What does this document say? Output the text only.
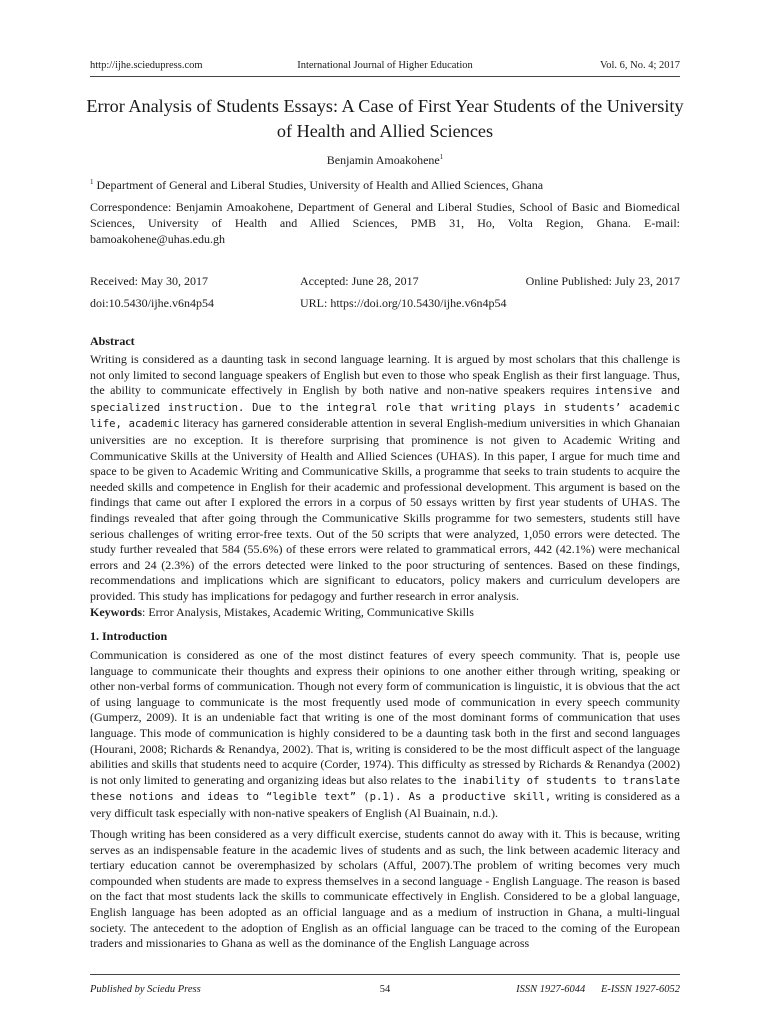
http://ijhe.sciedupress.com	International Journal of Higher Education	Vol. 6, No. 4; 2017
Error Analysis of Students Essays: A Case of First Year Students of the University of Health and Allied Sciences
Benjamin Amoakohene$^1$
$^1$ Department of General and Liberal Studies, University of Health and Allied Sciences, Ghana

Correspondence: Benjamin Amoakohene, Department of General and Liberal Studies, School of Basic and Biomedical Sciences, University of Health and Allied Sciences, PMB 31, Ho, Volta Region, Ghana. E-mail: bamoakohene@uhas.edu.gh

Received: May 30, 2017	Accepted: June 28, 2017	Online Published: July 23, 2017
doi:10.5430/ijhe.v6n4p54	URL: https://doi.org/10.5430/ijhe.v6n4p54
Abstract

Writing is considered as a daunting task in second language learning. It is argued by most scholars that this challenge is not only limited to second language speakers of English but even to those who speak English as their first language. Thus, the ability to communicate effectively in English by both native and non-native speakers requires intensive and specialized instruction. Due to the integral role that writing plays in students’ academic life, academic literacy has garnered considerable attention in several English-medium universities in which Ghanaian universities are no exception. It is therefore surprising that prominence is not given to Academic Writing and Communicative Skills at the University of Health and Allied Sciences (UHAS). In this paper, I argue for much time and space to be given to Academic Writing and Communicative Skills, a programme that seeks to train students to acquire the needed skills and competence in English for their academic and professional development. This argument is based on the findings that came out after I explored the errors in a corpus of 50 essays written by first year students of UHAS. The findings revealed that after going through the Communicative Skills programme for two semesters, students still have serious challenges of writing error-free texts. Out of the 50 scripts that were analyzed, 1,050 errors were detected. The study further revealed that 584 (55.6%) of these errors were related to grammatical errors, 442 (42.1%) were mechanical errors and 24 (2.3%) of the errors detected were linked to the poor structuring of sentences. Based on these findings, recommendations and implications which are significant to educators, policy makers and curriculum developers are provided. This study has implications for pedagogy and further research in error analysis.

Keywords: Error Analysis, Mistakes, Academic Writing, Communicative Skills
1. Introduction

Communication is considered as one of the most distinct features of every speech community. That is, people use language to communicate their thoughts and express their opinions to one another either through writing, speaking or other non-verbal forms of communication. Though not every form of communication is linguistic, it is obvious that the act of using language to communicate is the most frequently used mode of communication in every speech community (Gumperz, 2009). It is an undeniable fact that writing is one of the most dominant forms of communication that uses language. This mode of communication is highly considered to be a daunting task both in the first and second languages (Hourani, 2008; Richards & Renandya, 2002). That is, writing is considered to be the most difficult aspect of the language abilities and skills that students need to acquire (Corder, 1974). This difficulty as stressed by Richards & Renandya (2002) is not only limited to generating and organizing ideas but also relates to the inability of students to translate these notions and ideas to “legible text” (p.1). As a productive skill, writing is considered as a very difficult task especially with non-native speakers of English (Al Buainain, n.d.).

Though writing has been considered as a very difficult exercise, students cannot do away with it. This is because, writing serves as an indispensable feature in the academic lives of students and as such, the link between academic literacy and tertiary education cannot be overemphasized by scholars (Afful, 2007).The problem of writing becomes very much compounded when students are made to express themselves in a second language - English Language. The reason is based on the fact that most students lack the skills to communicate effectively in English. Considered to be a global language, English language has been adopted as an official language and as a medium of instruction in Ghana, a multi-lingual society. The antecedent to the adoption of English as an official language can be traced to the coming of the European traders and missionaries to Ghana as well as the dominance of the English Language across

Published by Sciedu Press	54	ISSN 1927-6044      E-ISSN 1927-6052
